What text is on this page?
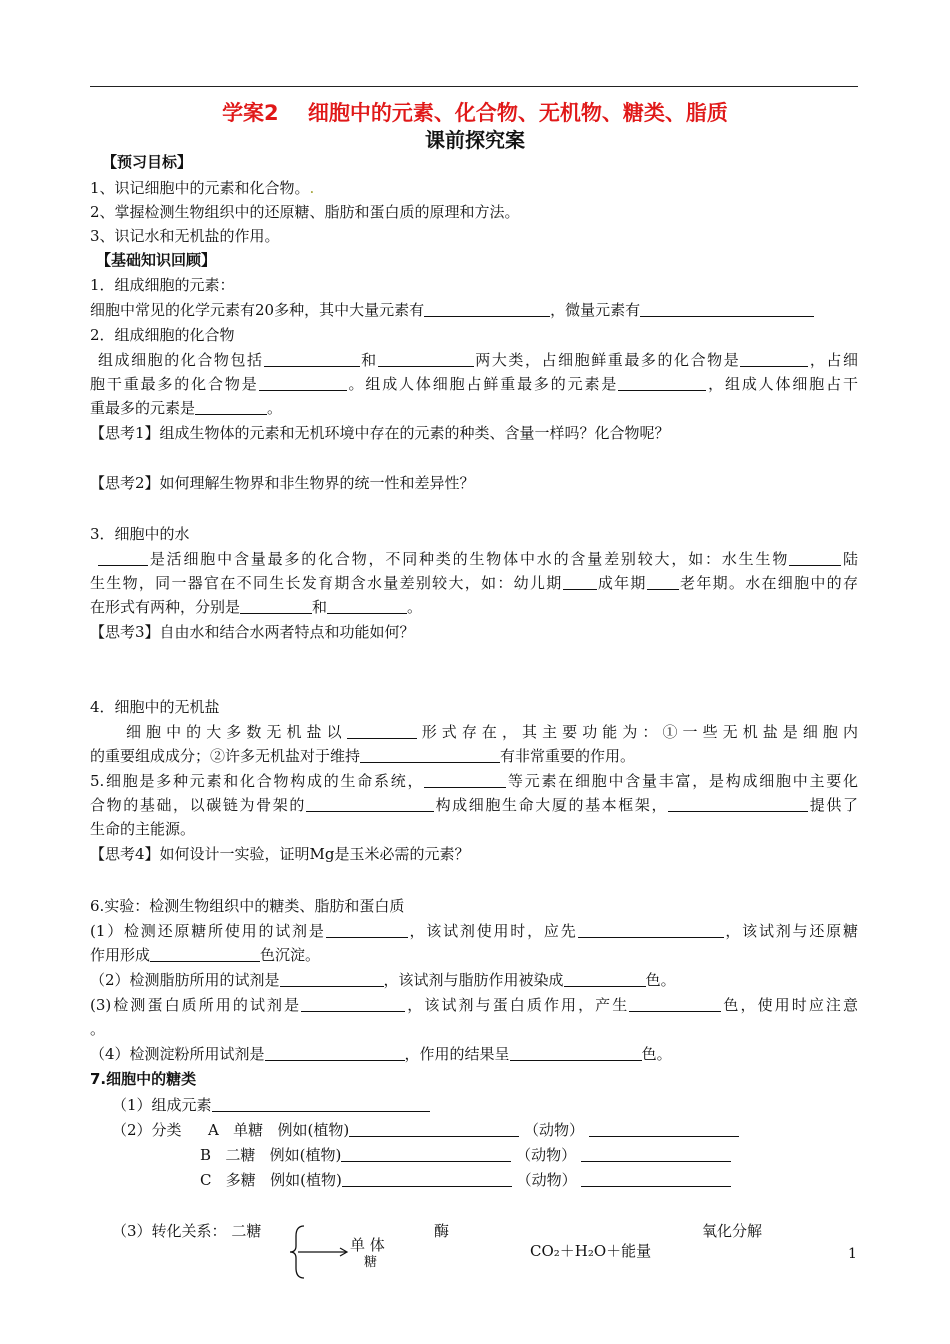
学案2    细胞中的元素、化合物、无机物、糖类、脂质
课前探究案
【预习目标】
1、识记细胞中的元素和化合物。.
2、掌握检测生物组织中的还原糖、脂肪和蛋白质的原理和方法。
3、识记水和无机盐的作用。
【基础知识回顾】
1．组成细胞的元素：
细胞中常见的化学元素有20多种，其中大量元素有	，微量元素有
2．组成细胞的化合物
组成细胞的化合物包括	和	两大类，占细胞鲜重最多的化合物是	，占细
胞干重最多的化合物是	。组成人体细胞占鲜重最多的元素是	，组成人体细胞占干
重最多的元素是	。
【思考1】组成生物体的元素和无机环境中存在的元素的种类、含量一样吗？化合物呢？
【思考2】如何理解生物界和非生物界的统一性和差异性？
3．细胞中的水
是活细胞中含量最多的化合物，不同种类的生物体中水的含量差别较大，如：水生生物	陆
生生物，同一器官在不同生长发育期含水量差别较大，如：幼儿期 成年期 老年期。水在细胞中的存
在形式有两种，分别是	和	。
【思考3】自由水和结合水两者特点和功能如何？
4．细胞中的无机盐
细胞中的大多数无机盐以	形式存在，其主要功能为：①一些无机盐是细胞内
的重要组成成分；②许多无机盐对于维持	有非常重要的作用。
5.细胞是多种元素和化合物构成的生命系统，	等元素在细胞中含量丰富，是构成细胞中主要化
合物的基础，以碳链为骨架的	构成细胞生命大厦的基本框架，	提供了
生命的主能源。
【思考4】如何设计一实验，证明Mg是玉米必需的元素？
6.实验：检测生物组织中的糖类、脂肪和蛋白质
(1）检测还原糖所使用的试剂是	，该试剂使用时，应先	，该试剂与还原糖
作用形成	色沉淀。
（2）检测脂肪所用的试剂是	，该试剂与脂肪作用被染成	色。
(3)检测蛋白质所用的试剂是	，该试剂与蛋白质作用，产生	色，使用时应注意
。
（4）检测淀粉所用试剂是	，作用的结果呈	色。
7.细胞中的糖类
（1）组成元素
（2）分类 A 单糖 例如(植物)	（动物）
B 二糖 例如(植物)	（动物）
C 多糖 例如(植物)	（动物）
（3）转化关系： 二糖
单 体
糖
酶	氧化分解
CO₂＋H₂O＋能量	1
